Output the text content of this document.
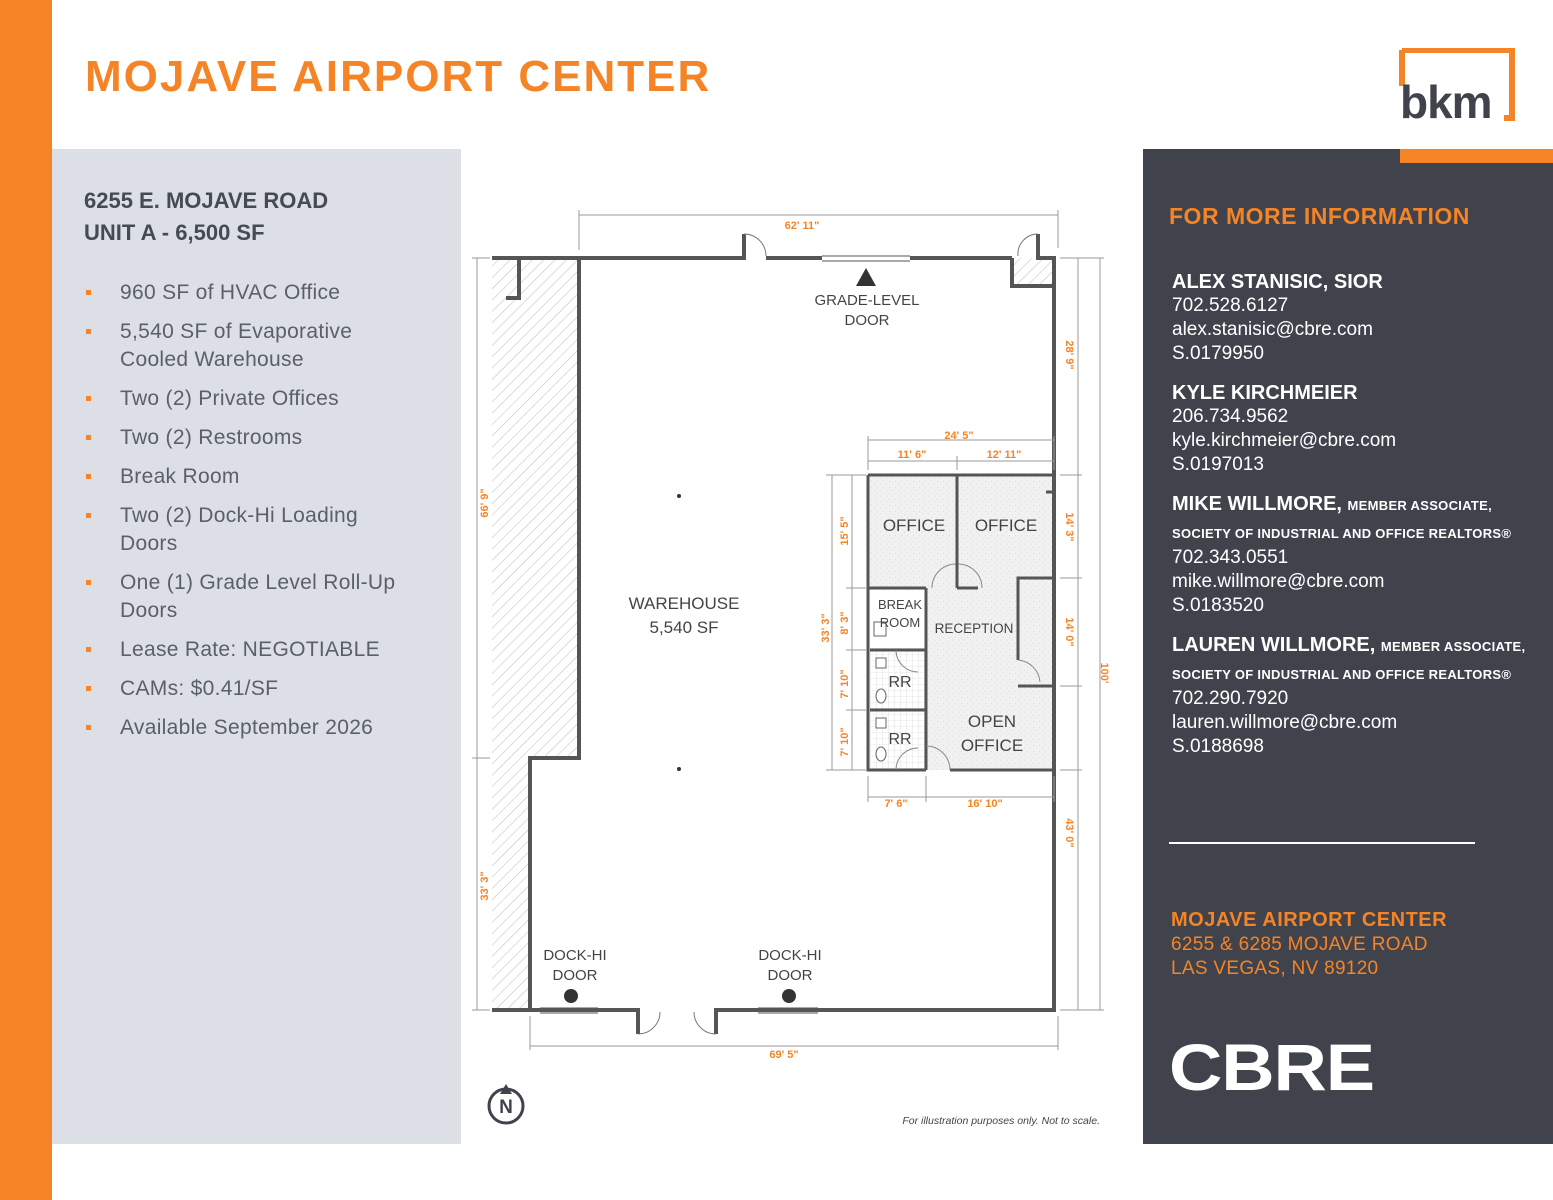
MOJAVE AIRPORT CENTER	bkm
6255 E. MOJAVE ROAD
UNIT A - 6,500 SF
960 SF of HVAC Office
5,540 SF of Evaporative
Cooled Warehouse
Two (2) Private Offices
Two (2) Restrooms
Break Room
Two (2) Dock-Hi Loading
Doors
One (1) Grade Level Roll-Up
Doors
Lease Rate: NEGOTIABLE
CAMs: $0.41/SF
Available September 2026
WAREHOUSE
5,540 SF
OFFICE OFFICE
BREAK
ROOM RECEPTION
RR
RR
OPEN
OFFICE
GRADE-LEVEL
DOOR
DOCK-HI
DOOR
DOCK-HI
DOOR
62' 11"
69' 5"
24' 5"
11' 6"	12' 11"
7' 6"	16' 10"
66' 9"
33' 3"
28' 9"
14' 3"
14' 0"
43' 0"
100'
33' 3"
15' 5"
8' 3"
7' 10"
7' 10"
N
For illustration purposes only. Not to scale.
FOR MORE INFORMATION
ALEX STANISIC, SIOR
702.528.6127
alex.stanisic@cbre.com
S.0179950
KYLE KIRCHMEIER
206.734.9562
kyle.kirchmeier@cbre.com
S.0197013
MIKE WILLMORE, MEMBER ASSOCIATE,
SOCIETY OF INDUSTRIAL AND OFFICE REALTORS®
702.343.0551
mike.willmore@cbre.com
S.0183520
LAUREN WILLMORE, MEMBER ASSOCIATE,
SOCIETY OF INDUSTRIAL AND OFFICE REALTORS®
702.290.7920
lauren.willmore@cbre.com
S.0188698
MOJAVE AIRPORT CENTER
6255 & 6285 MOJAVE ROAD
LAS VEGAS, NV 89120
CBRE
